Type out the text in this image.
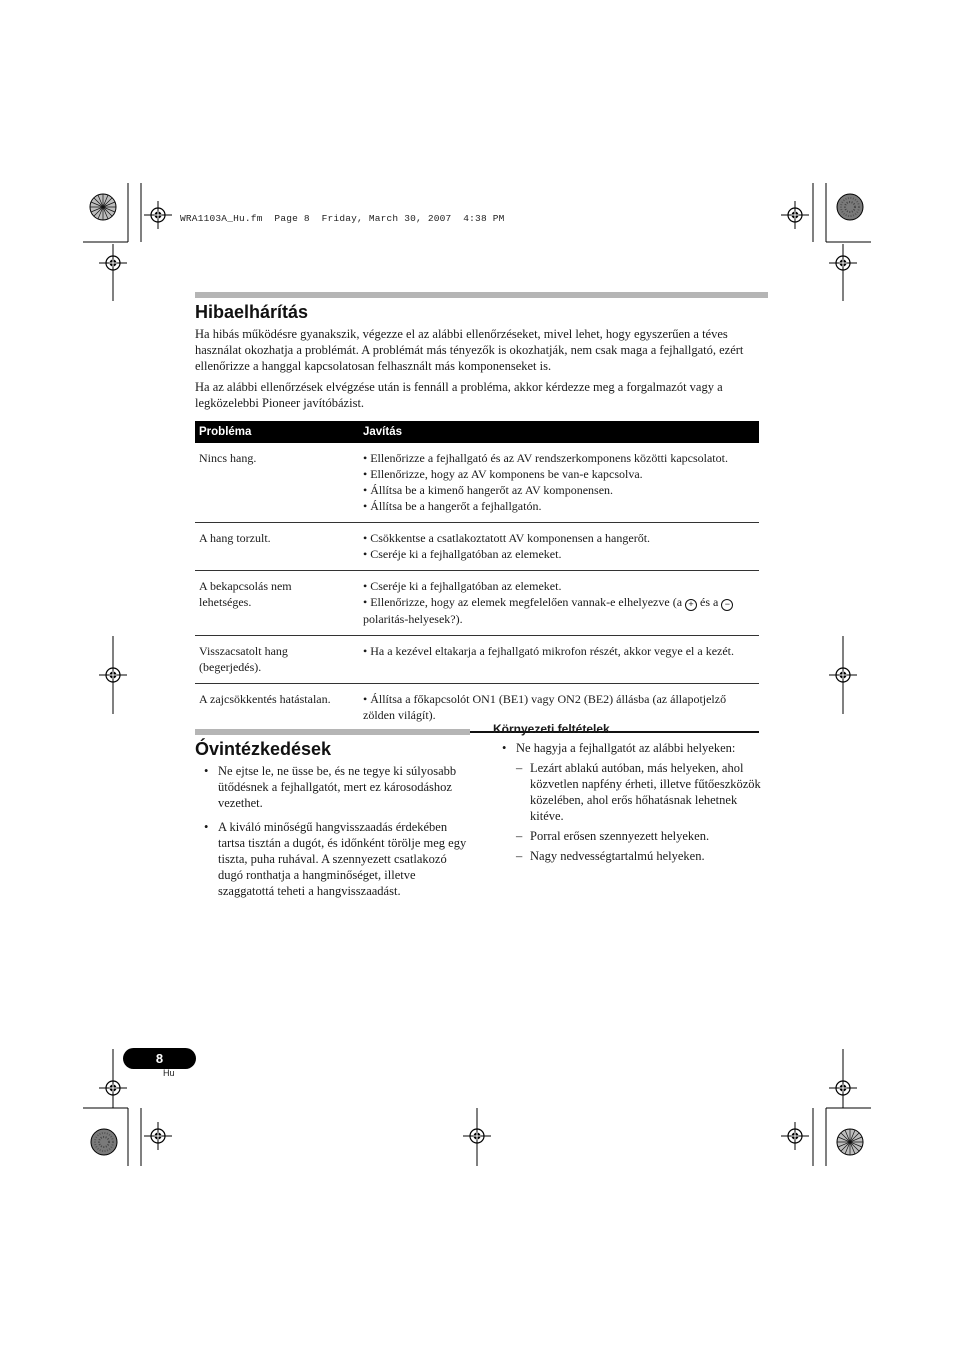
WRA1103A_Hu.fm  Page 8  Friday, March 30, 2007  4:38 PM
Hibaelhárítás
Ha hibás működésre gyanakszik, végezze el az alábbi ellenőrzéseket, mivel lehet, hogy egyszerűen a téves használat okozhatja a problémát. A problémát más tényezők is okozhatják, nem csak maga a fejhallgató, ezért ellenőrizze a hanggal kapcsolatosan felhasznált más komponenseket is.
Ha az alábbi ellenőrzések elvégzése után is fennáll a probléma, akkor kérdezze meg a forgalmazót vagy a legközelebbi Pioneer javítóbázist.
Probléma	Javítás
Nincs hang.	• Ellenőrizze a fejhallgató és az AV rendszerkomponens közötti kapcsolatot.
• Ellenőrizze, hogy az AV komponens be van-e kapcsolva.
• Állítsa be a kimenő hangerőt az AV komponensen.
• Állítsa be a hangerőt a fejhallgatón.

A hang torzult.	• Csökkentse a csatlakoztatott AV komponensen a hangerőt.
• Cseréje ki a fejhallgatóban az elemeket.

A bekapcsolás nem lehetséges.	• Cseréje ki a fejhallgatóban az elemeket.
• Ellenőrizze, hogy az elemek megfelelően vannak-e elhelyezve (a + és a −
polaritás-helyesek?).

Visszacsatolt hang (begerjedés).	• Ha a kezével eltakarja a fejhallgató mikrofon részét, akkor vegye el a kezét.

A zajcsökkentés hatástalan.	• Állítsa a főkapcsolót ON1 (BE1) vagy ON2 (BE2) állásba (az állapotjelző zölden világít).
Óvintézkedések
• Ne ejtse le, ne üsse be, és ne tegye ki súlyosabb ütődésnek a fejhallgatót, mert ez károsodáshoz vezethet.
• A kiváló minőségű hangvisszaadás érdekében tartsa tisztán a dugót, és időnként törölje meg egy tiszta, puha ruhával. A szennyezett csatlakozó dugó ronthatja a hangminőséget, illetve szaggatottá teheti a hangvisszaadást.
Környezeti feltételek
• Ne hagyja a fejhallgatót az alábbi helyeken:
– Lezárt ablakú autóban, más helyeken, ahol közvetlen napfény érheti, illetve fűtőeszközök közelében, ahol erős hőhatásnak lehetnek kitéve.
– Porral erősen szennyezett helyeken.
– Nagy nedvességtartalmú helyeken.
8
Hu
